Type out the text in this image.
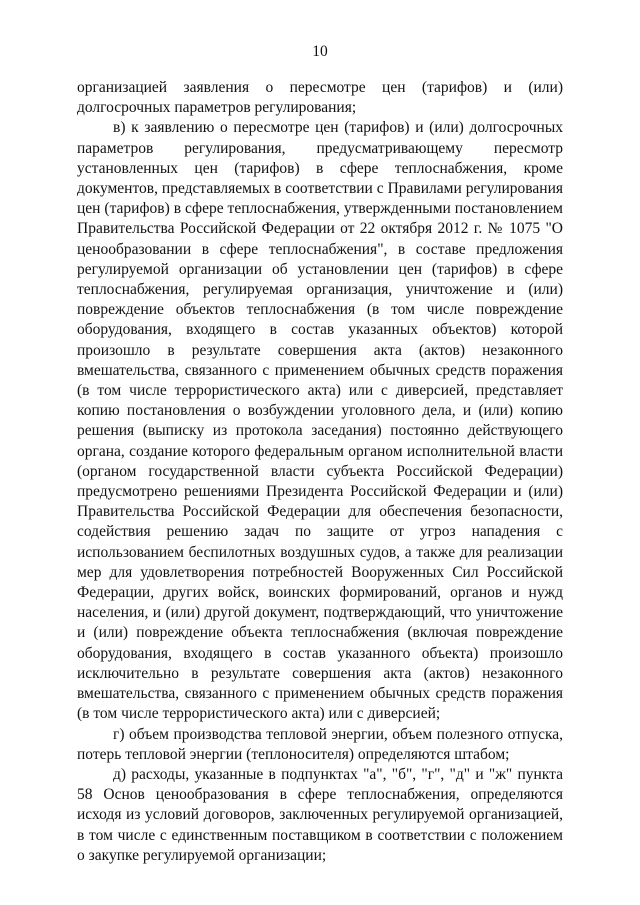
10

организацией заявления о пересмотре цен (тарифов) и (или) долгосрочных параметров регулирования;

в) к заявлению о пересмотре цен (тарифов) и (или) долгосрочных параметров регулирования, предусматривающему пересмотр установленных цен (тарифов) в сфере теплоснабжения, кроме документов, представляемых в соответствии с Правилами регулирования цен (тарифов) в сфере теплоснабжения, утвержденными постановлением Правительства Российской Федерации от 22 октября 2012 г. № 1075 "О ценообразовании в сфере теплоснабжения", в составе предложения регулируемой организации об установлении цен (тарифов) в сфере теплоснабжения, регулируемая организация, уничтожение и (или) повреждение объектов теплоснабжения (в том числе повреждение оборудования, входящего в состав указанных объектов) которой произошло в результате совершения акта (актов) незаконного вмешательства, связанного с применением обычных средств поражения (в том числе террористического акта) или с диверсией, представляет копию постановления о возбуждении уголовного дела, и (или) копию решения (выписку из протокола заседания) постоянно действующего органа, создание которого федеральным органом исполнительной власти (органом государственной власти субъекта Российской Федерации) предусмотрено решениями Президента Российской Федерации и (или) Правительства Российской Федерации для обеспечения безопасности, содействия решению задач по защите от угроз нападения с использованием беспилотных воздушных судов, а также для реализации мер для удовлетворения потребностей Вооруженных Сил Российской Федерации, других войск, воинских формирований, органов и нужд населения, и (или) другой документ, подтверждающий, что уничтожение и (или) повреждение объекта теплоснабжения (включая повреждение оборудования, входящего в состав указанного объекта) произошло исключительно в результате совершения акта (актов) незаконного вмешательства, связанного с применением обычных средств поражения (в том числе террористического акта) или с диверсией;

г) объем производства тепловой энергии, объем полезного отпуска, потерь тепловой энергии (теплоносителя) определяются штабом;

д) расходы, указанные в подпунктах "а", "б", "г", "д" и "ж" пункта 58 Основ ценообразования в сфере теплоснабжения, определяются исходя из условий договоров, заключенных регулируемой организацией, в том числе с единственным поставщиком в соответствии с положением о закупке регулируемой организации;
